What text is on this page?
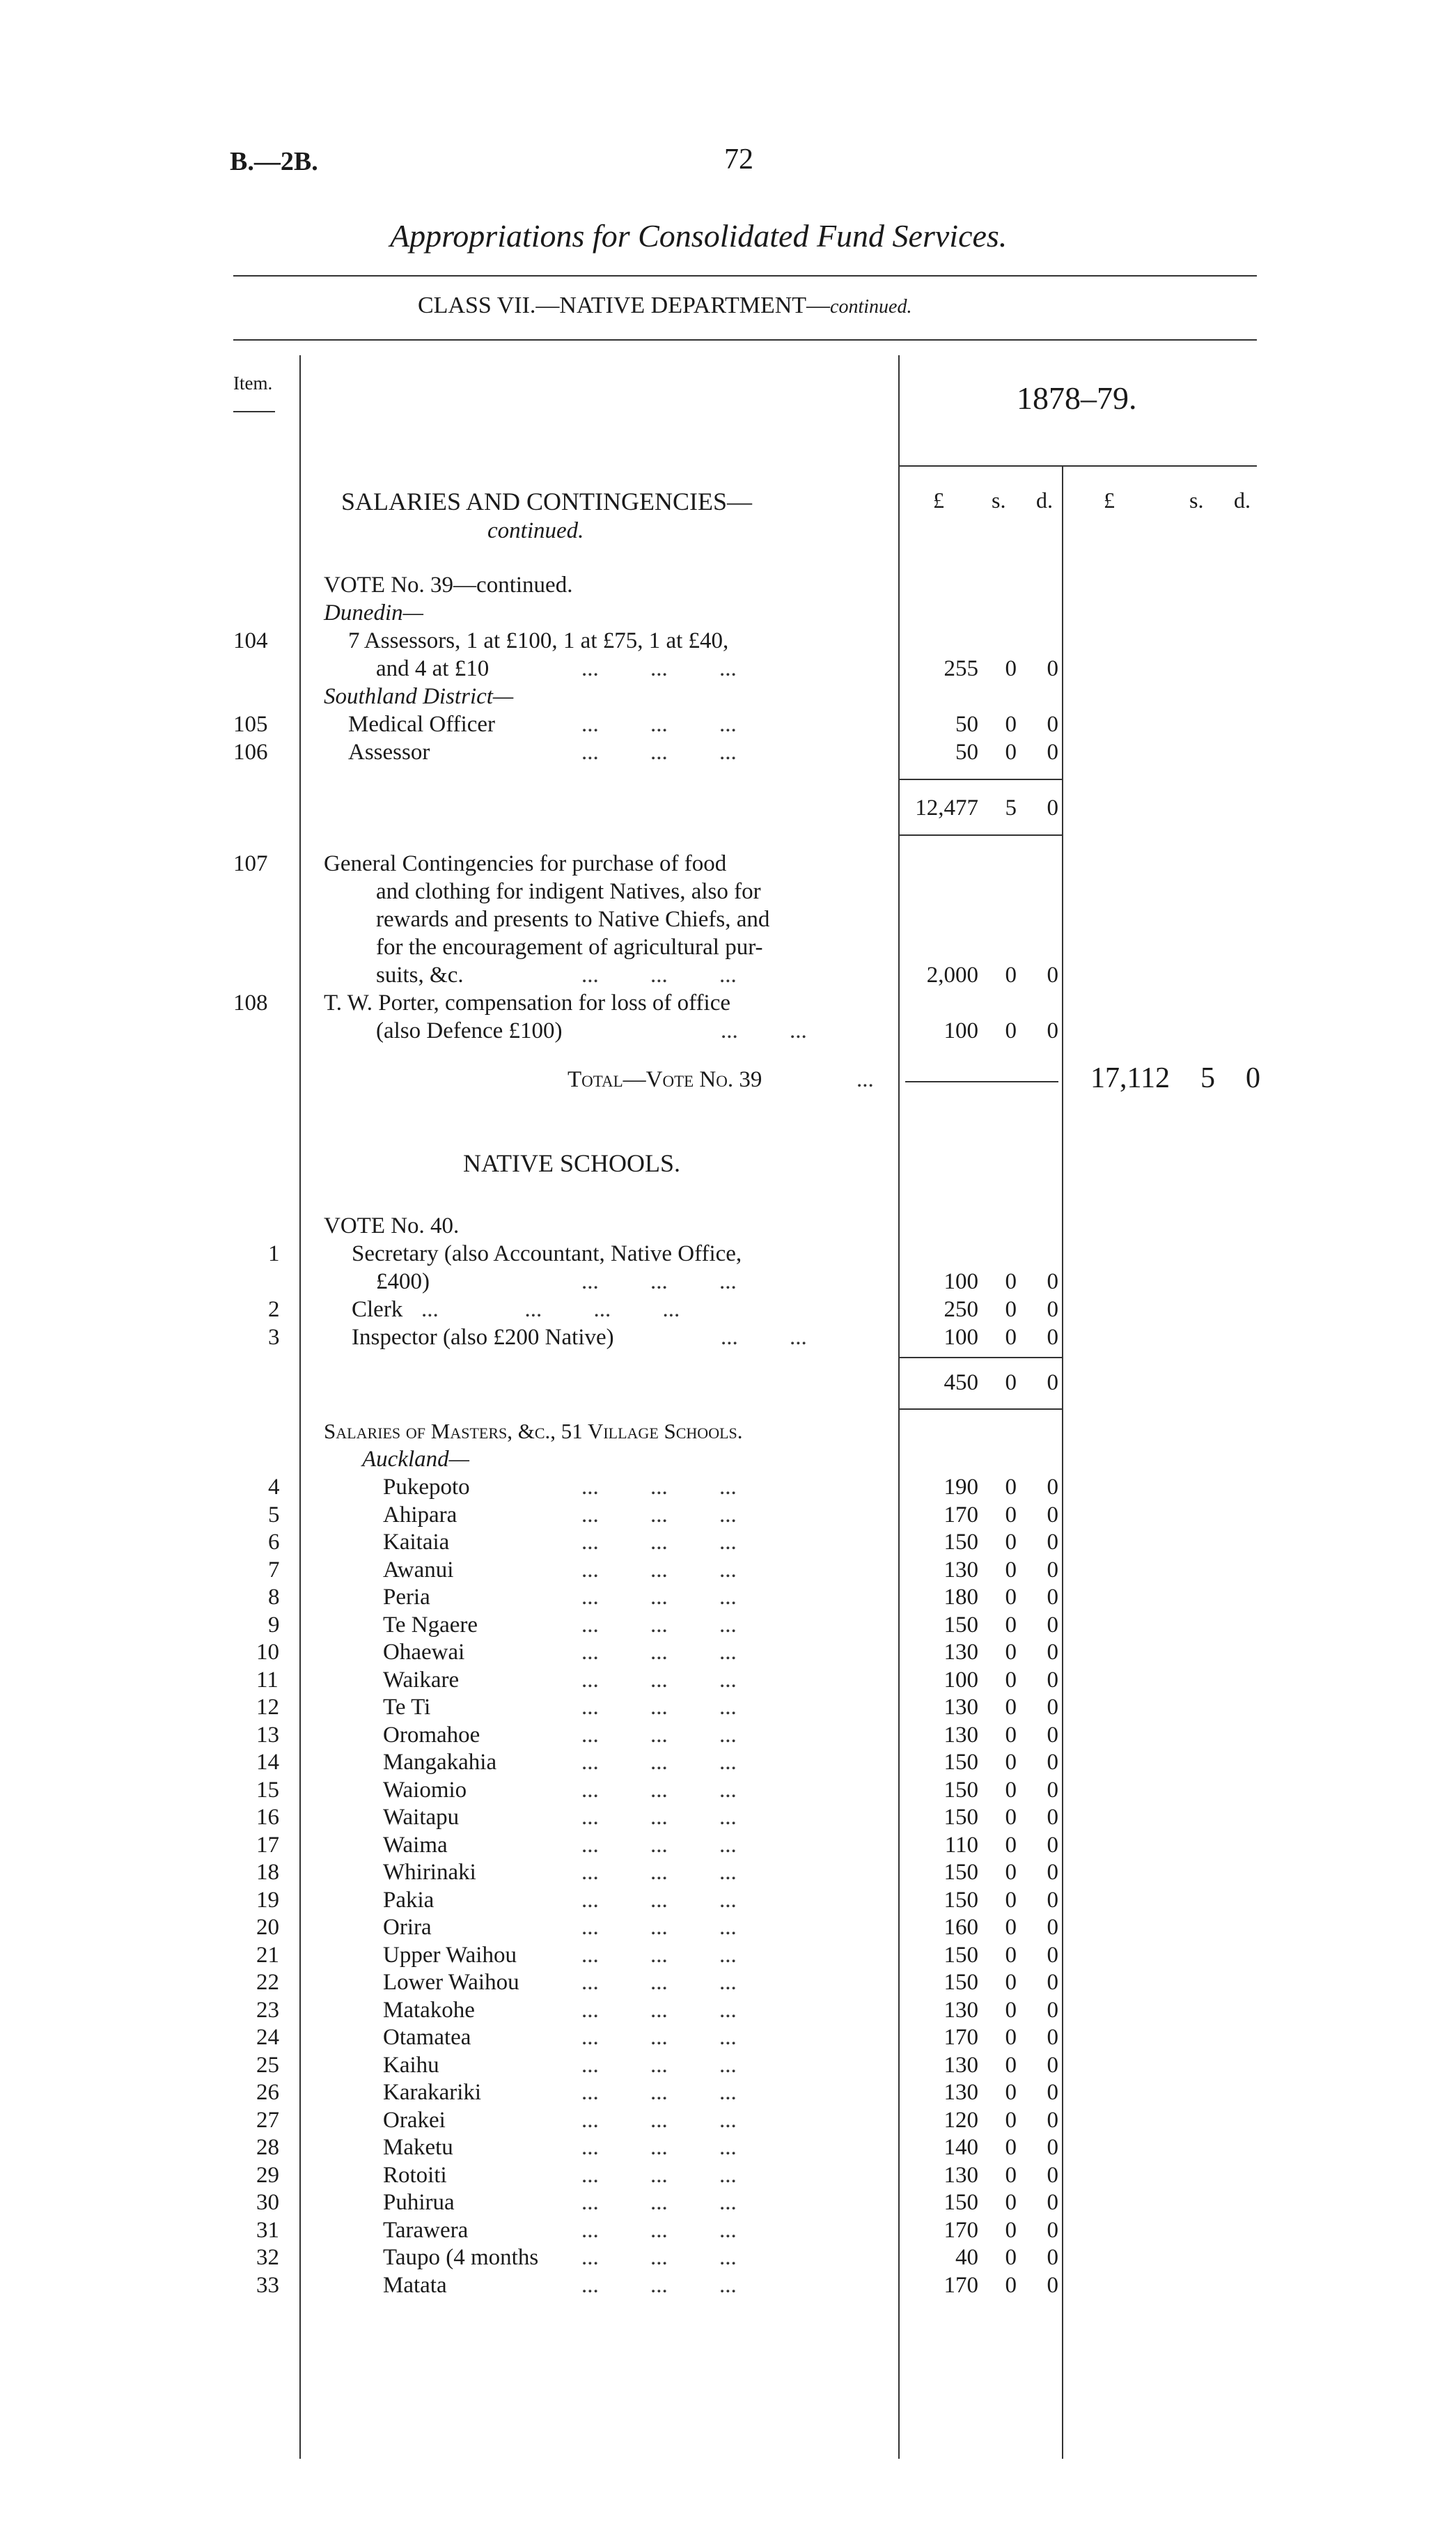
B.—2B.	72
Appropriations for Consolidated Fund Services.
CLASS VII.—NATIVE DEPARTMENT—continued.
Item.	1878–79.
£ s. d. £	s. d.
SALARIES AND CONTINGENCIES—
continued.
VOTE No. 39—continued.
Dunedin—
104	7 Assessors, 1 at £100, 1 at £75, 1 at £40,
and 4 at £10	...         ...         ...	255	0	0
Southland District—
105	Medical Officer	...         ...         ...	50	0	0
106	Assessor	...         ...         ...	50	0	0
12,477	5	0
107 General Contingencies for purchase of food
and clothing for indigent Natives, also for
rewards and presents to Native Chiefs, and
for the encouragement of agricultural pur-
suits, &c.	...         ...         ...	2,000	0	0
108 T. W. Porter, compensation for loss of office
(also Defence £100)	...         ...	100	0	0
Total—Vote No. 39	...	17,112	5	0
NATIVE SCHOOLS.
VOTE No. 40.
1	Secretary (also Accountant, Native Office,
£400)	...         ...         ...	100	0	0
2	Clerk ...               ...         ...         ...	250	0	0
3	Inspector (also £200 Native)	...         ...	100	0	0
450	0	0
Salaries of Masters, &c., 51 Village Schools.
Auckland—
4	Pukepoto	...         ...         ...	190	0	0
5	Ahipara	...         ...         ...	170	0	0
6	Kaitaia	...         ...         ...	150	0	0
7	Awanui	...         ...         ...	130	0	0
8	Peria	...         ...         ...	180	0	0
9	Te Ngaere	...         ...         ...	150	0	0
10	Ohaewai	...         ...         ...	130	0	0
11	Waikare	...         ...         ...	100	0	0
12	Te Ti	...         ...         ...	130	0	0
13	Oromahoe	...         ...         ...	130	0	0
14	Mangakahia	...         ...         ...	150	0	0
15	Waiomio	...         ...         ...	150	0	0
16	Waitapu	...         ...         ...	150	0	0
17	Waima	...         ...         ...	110	0	0
18	Whirinaki	...         ...         ...	150	0	0
19	Pakia	...         ...         ...	150	0	0
20	Orira	...         ...         ...	160	0	0
21	Upper Waihou	...         ...         ...	150	0	0
22	Lower Waihou	...         ...         ...	150	0	0
23	Matakohe	...         ...         ...	130	0	0
24	Otamatea	...         ...         ...	170	0	0
25	Kaihu	...         ...         ...	130	0	0
26	Karakariki	...         ...         ...	130	0	0
27	Orakei	...         ...         ...	120	0	0
28	Maketu	...         ...         ...	140	0	0
29	Rotoiti	...         ...         ...	130	0	0
30	Puhirua	...         ...         ...	150	0	0
31	Tarawera	...         ...         ...	170	0	0
32	Taupo (4 months ...         ...         ...	40	0	0
33	Matata	...         ...         ...	170	0	0
